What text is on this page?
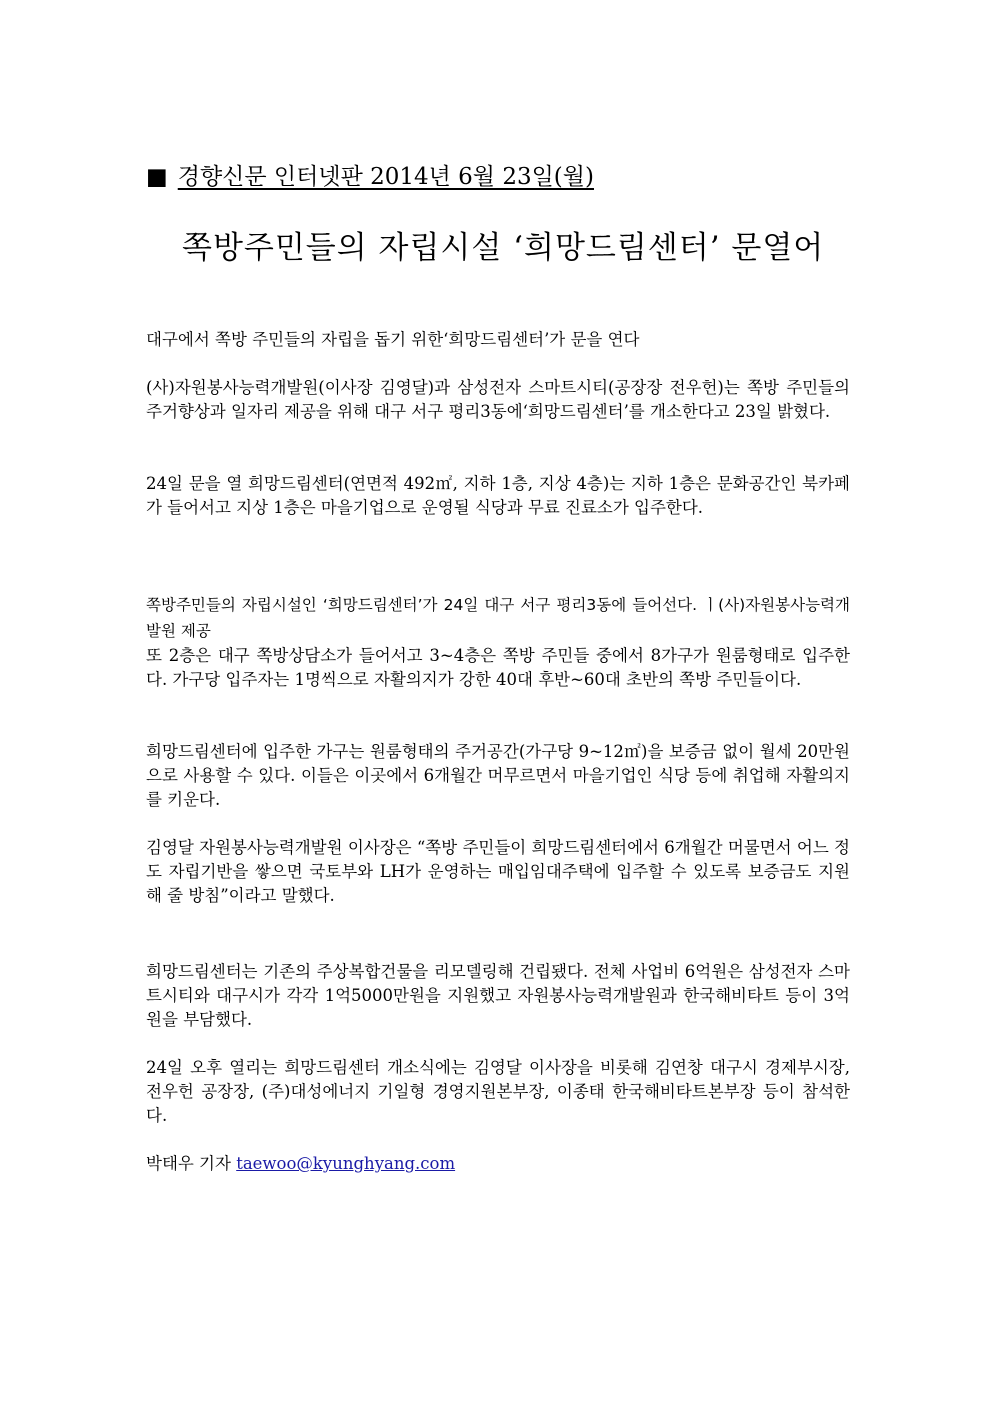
■ 경향신문 인터넷판 2014년 6월 23일(월)
쪽방주민들의 자립시설 ‘희망드림센터’ 문열어
대구에서 쪽방 주민들의 자립을 돕기 위한‘희망드림센터’가 문을 연다
(사)자원봉사능력개발원(이사장 김영달)과 삼성전자 스마트시티(공장장 전우헌)는 쪽방 주민들의 주거향상과 일자리 제공을 위해 대구 서구 평리3동에‘희망드림센터’를 개소한다고 23일 밝혔다.
24일 문을 열 희망드림센터(연면적 492㎡, 지하 1층, 지상 4층)는 지하 1층은 문화공간인 북카페가 들어서고 지상 1층은 마을기업으로 운영될 식당과 무료 진료소가 입주한다.
쪽방주민들의 자립시설인 ‘희망드림센터’가 24일 대구 서구 평리3동에 들어선다. ㅣ(사)자원봉사능력개발원 제공
또 2층은 대구 쪽방상담소가 들어서고 3~4층은 쪽방 주민들 중에서 8가구가 원룸형태로 입주한다. 가구당 입주자는 1명씩으로 자활의지가 강한 40대 후반~60대 초반의 쪽방 주민들이다.
희망드림센터에 입주한 가구는 원룸형태의 주거공간(가구당 9~12㎡)을 보증금 없이 월세 20만원으로 사용할 수 있다. 이들은 이곳에서 6개월간 머무르면서 마을기업인 식당 등에 취업해 자활의지를 키운다.
김영달 자원봉사능력개발원 이사장은 “쪽방 주민들이 희망드림센터에서 6개월간 머물면서 어느 정도 자립기반을 쌓으면 국토부와 LH가 운영하는 매입임대주택에 입주할 수 있도록 보증금도 지원해 줄 방침”이라고 말했다.
희망드림센터는 기존의 주상복합건물을 리모델링해 건립됐다. 전체 사업비 6억원은 삼성전자 스마트시티와 대구시가 각각 1억5000만원을 지원했고 자원봉사능력개발원과 한국해비타트 등이 3억원을 부담했다.
24일 오후 열리는 희망드림센터 개소식에는 김영달 이사장을 비롯해 김연창 대구시 경제부시장, 전우헌 공장장, (주)대성에너지 기일형 경영지원본부장, 이종태 한국해비타트본부장 등이 참석한다.
박태우 기자 taewoo@kyunghyang.com
